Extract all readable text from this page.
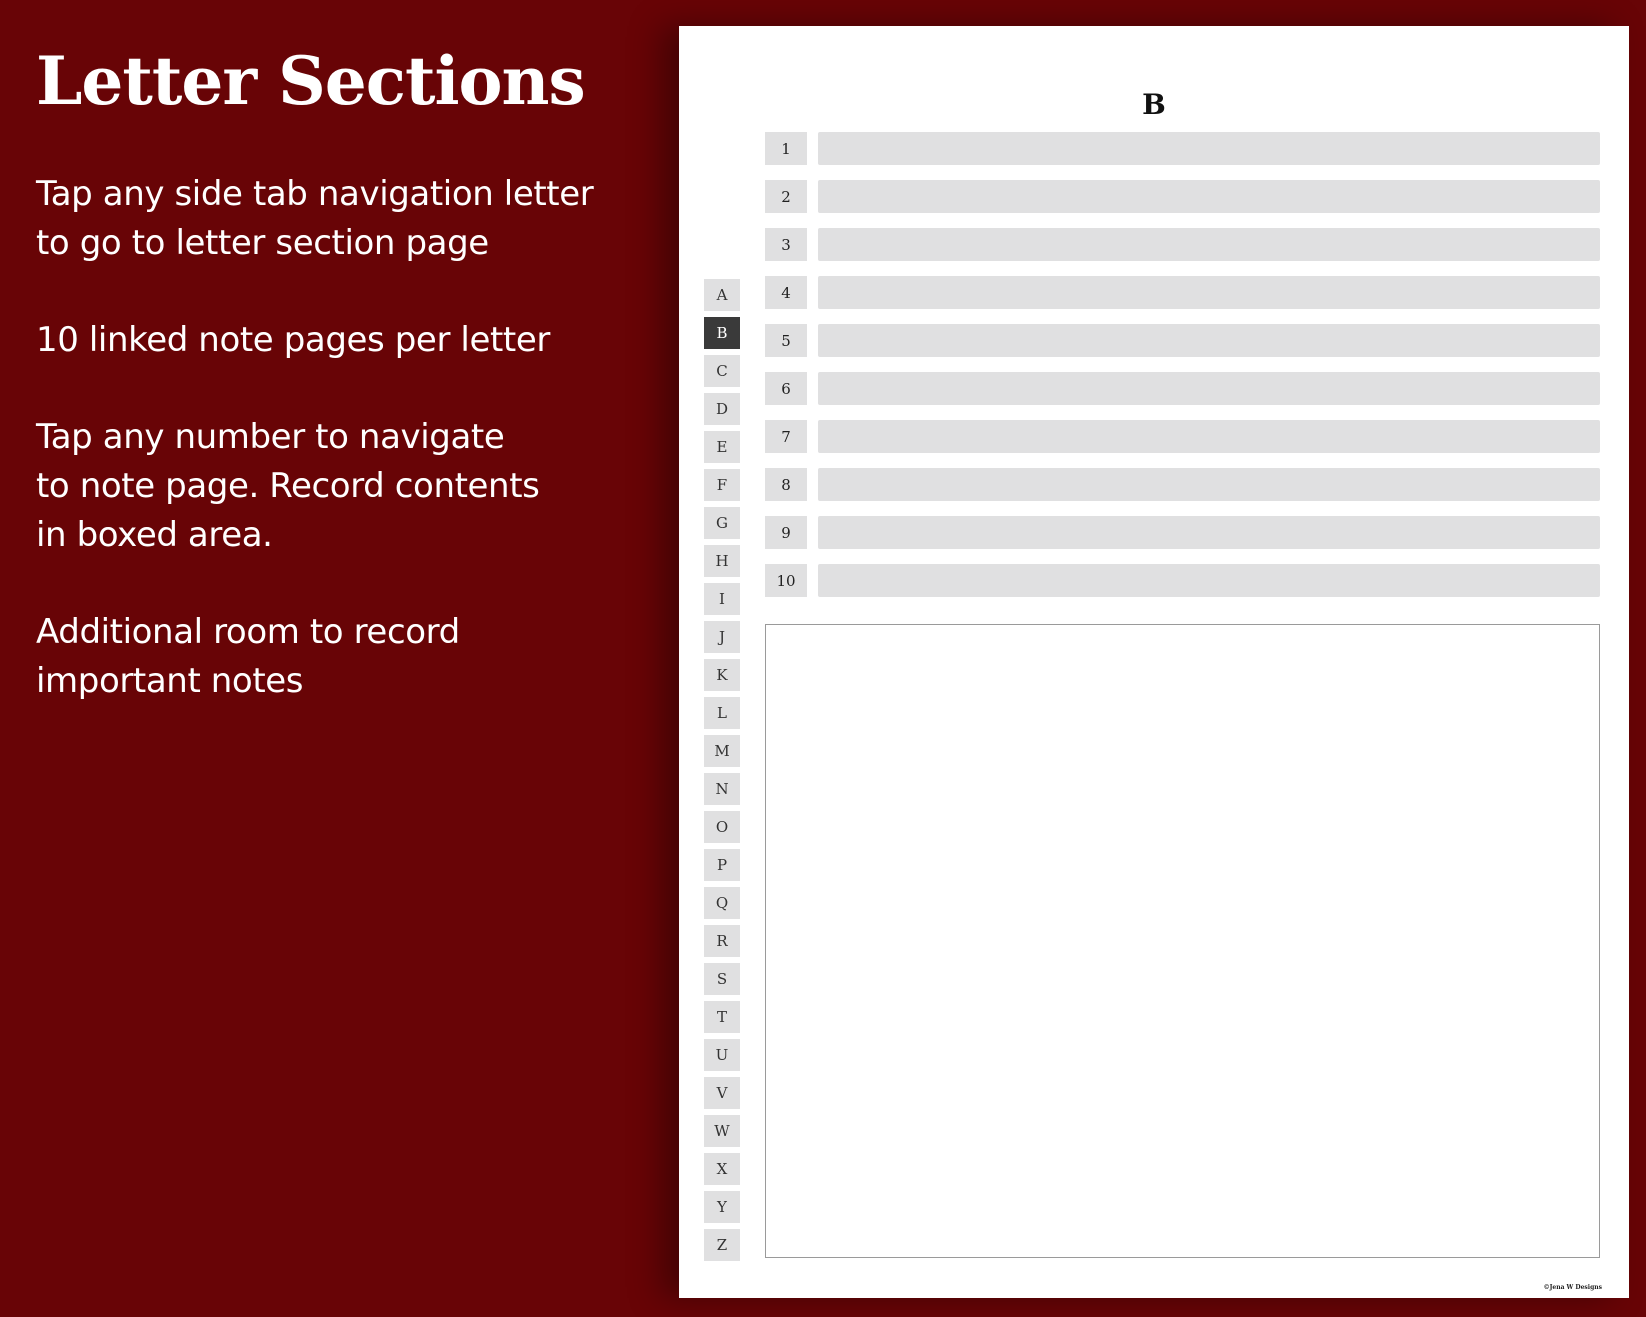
Letter Sections

Tap any side tab navigation letter
to go to letter section page

10 linked note pages per letter

Tap any number to navigate
to note page. Record contents
in boxed area.

Additional room to record
important notes

B
A
B
C
D
E
F
G
H
I
J
K
L
M
N
O
P
Q
R
S
T
U
V
W
X
Y
Z
1
2
3
4
5
6
7
8
9
10
©Jena W Designs
